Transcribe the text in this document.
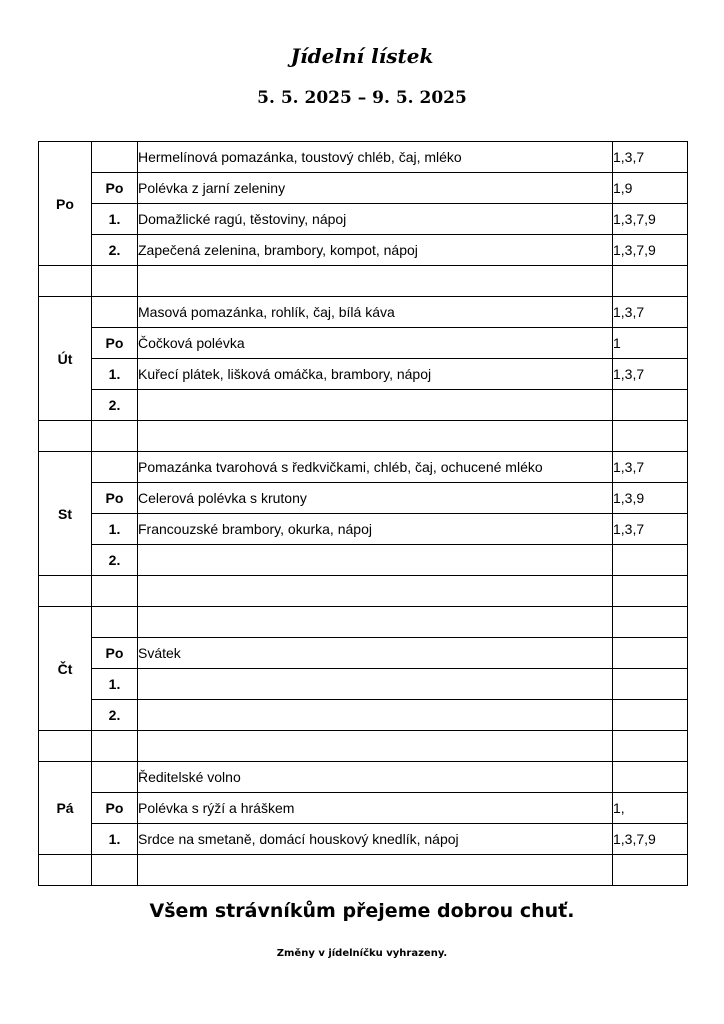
Jídelní lístek
5. 5. 2025 – 9. 5. 2025
Po		Hermelínová pomazánka, toustový chléb, čaj, mléko	1,3,7
	Po	Polévka z jarní zeleniny	1,9
	1.	Domažlické ragú, těstoviny, nápoj	1,3,7,9
	2.	Zapečená zelenina, brambory, kompot, nápoj	1,3,7,9

Út		Masová pomazánka, rohlík, čaj, bílá káva	1,3,7
	Po	Čočková polévka	1
	1.	Kuřecí plátek, lišková omáčka, brambory, nápoj	1,3,7
	2.		

St		Pomazánka tvarohová s ředkvičkami, chléb, čaj, ochucené mléko	1,3,7
	Po	Celerová polévka s krutony	1,3,9
	1.	Francouzské brambory, okurka, nápoj	1,3,7
	2.		

Čt			
	Po	Svátek	
	1.		
	2.		

Pá		Ředitelské volno	
	Po	Polévka s rýží a hráškem	1,
	1.	Srdce na smetaně, domácí houskový knedlík, nápoj	1,3,7,9

Všem strávníkům přejeme dobrou chuť.
Změny v jídelníčku vyhrazeny.
